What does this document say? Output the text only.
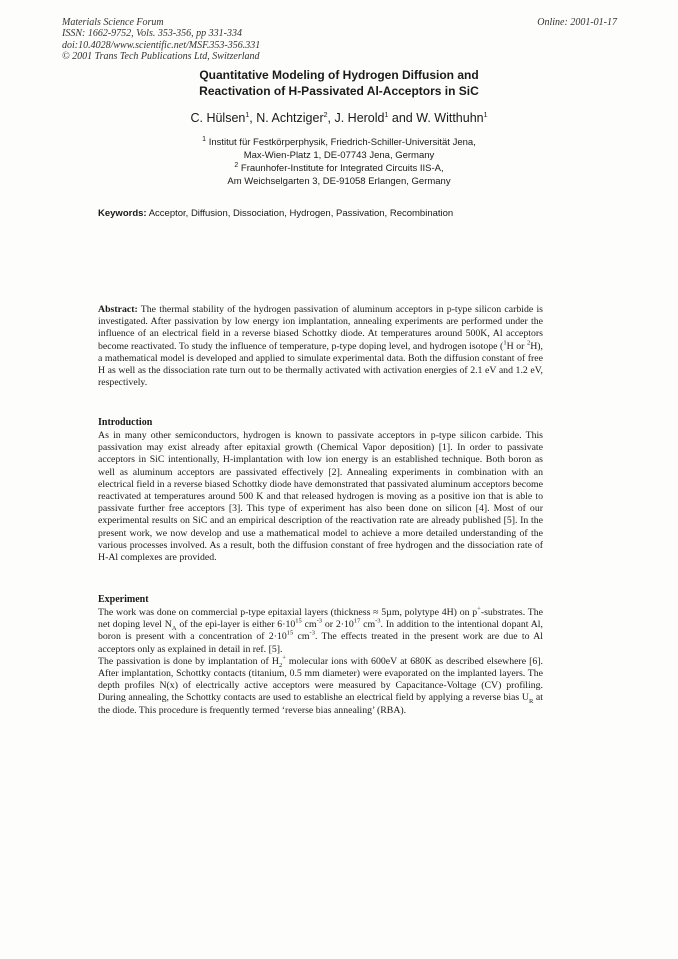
Materials Science Forum
ISSN: 1662-9752, Vols. 353-356, pp 331-334
doi:10.4028/www.scientific.net/MSF.353-356.331
© 2001 Trans Tech Publications Ltd, Switzerland
Online: 2001-01-17
Quantitative Modeling of Hydrogen Diffusion and
Reactivation of H-Passivated Al-Acceptors in SiC
C. Hülsen$^1$, N. Achtziger$^2$, J. Herold$^1$ and W. Witthuhn$^1$
$^1$ Institut für Festkörperphysik, Friedrich-Schiller-Universität Jena,
Max-Wien-Platz 1, DE-07743 Jena, Germany
$^2$ Fraunhofer-Institute for Integrated Circuits IIS-A,
Am Weichselgarten 3, DE-91058 Erlangen, Germany
Keywords: Acceptor, Diffusion, Dissociation, Hydrogen, Passivation, Recombination
Abstract: The thermal stability of the hydrogen passivation of aluminum acceptors in p-type silicon carbide is investigated. After passivation by low energy ion implantation, annealing experiments are performed under the influence of an electrical field in a reverse biased Schottky diode. At temperatures around 500K, Al acceptors become reactivated. To study the influence of temperature, p-type doping level, and hydrogen isotope ($^1$H or $^2$H), a mathematical model is developed and applied to simulate experimental data. Both the diffusion constant of free H as well as the dissociation rate turn out to be thermally activated with activation energies of 2.1 eV and 1.2 eV, respectively.
Introduction

As in many other semiconductors, hydrogen is known to passivate acceptors in p-type silicon carbide. This passivation may exist already after epitaxial growth (Chemical Vapor deposition) [1]. In order to passivate acceptors in SiC intentionally, H-implantation with low ion energy is an established technique. Both boron as well as aluminum acceptors are passivated effectively [2]. Annealing experiments in combination with an electrical field in a reverse biased Schottky diode have demonstrated that passivated aluminum acceptors become reactivated at temperatures around 500 K and that released hydrogen is moving as a positive ion that is able to passivate further free acceptors [3]. This type of experiment has also been done on silicon [4]. Most of our experimental results on SiC and an empirical description of the reactivation rate are already published [5]. In the present work, we now develop and use a mathematical model to achieve a more detailed understanding of the various processes involved. As a result, both the diffusion constant of free hydrogen and the dissociation rate of H-Al complexes are provided.

Experiment

The work was done on commercial p-type epitaxial layers (thickness ≈ 5µm, polytype 4H) on p+-substrates. The net doping level $N_A$ of the epi-layer is either $6\cdot 10^{15}$ $cm^{-3}$ or $2\cdot 10^{17}$ $cm^{-3}$. In addition to the intentional dopant Al, boron is present with a concentration of $2\cdot 10^{15}$ $cm^{-3}$. The effects treated in the present work are due to Al acceptors only as explained in detail in ref. [5].

The passivation is done by implantation of $H_2^+$ molecular ions with 600eV at 680K as described elsewhere [6]. After implantation, Schottky contacts (titanium, 0.5 mm diameter) were evaporated on the implanted layers. The depth profiles N(x) of electrically active acceptors were measured by Capacitance-Voltage (CV) profiling. During annealing, the Schottky contacts are used to establishe an electrical field by applying a reverse bias $U_R$ at the diode. This procedure is frequently termed ‘reverse bias annealing’ (RBA).
